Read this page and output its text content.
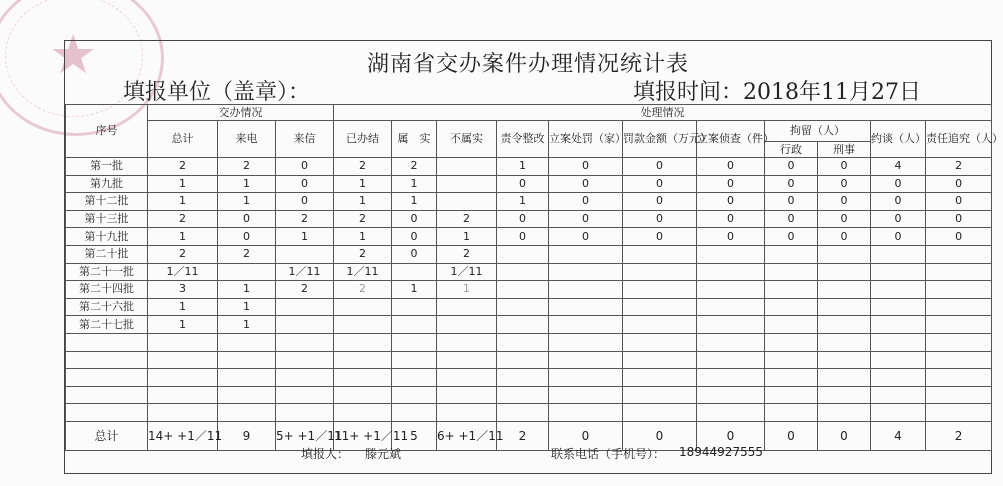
★	湖南省交办案件办理情况统计表
填报单位（盖章）：	填报时间：2018年11月27日
序号	交办情况			处理情况										
	总计	来电	来信	已办结	属　实	不属实	责令整改	立案处罚（家）	罚款金额（万元）	立案侦查（件）	拘留（人）		约谈（人）	责任追究（人）
											行政	刑事		
第一批	2	2	0	2	2		1	0	0	0	0	0	4	2
第九批	1	1	0	1	1		0	0	0	0	0	0	0	0
第十二批	1	1	0	1	1		1	0	0	0	0	0	0	0
第十三批	2	0	2	2	0	2	0	0	0	0	0	0	0	0
第十九批	1	0	1	1	0	1	0	0	0	0	0	0	0	0
第二十批	2	2		2	0	2								
第二十一批	1／11		1／11	1／11		1／11								
第二十四批	3	1	2	2	1	1								
第二十六批	1	1												
第二十七批	1	1												

总计	14+ +1／11	9	5+ +1／11	11+ +1／11	5	6+ +1／11	2	0	0	0	0	0	4	2
填报人： 滕元斌	联系电话（手机号）： 18944927555
